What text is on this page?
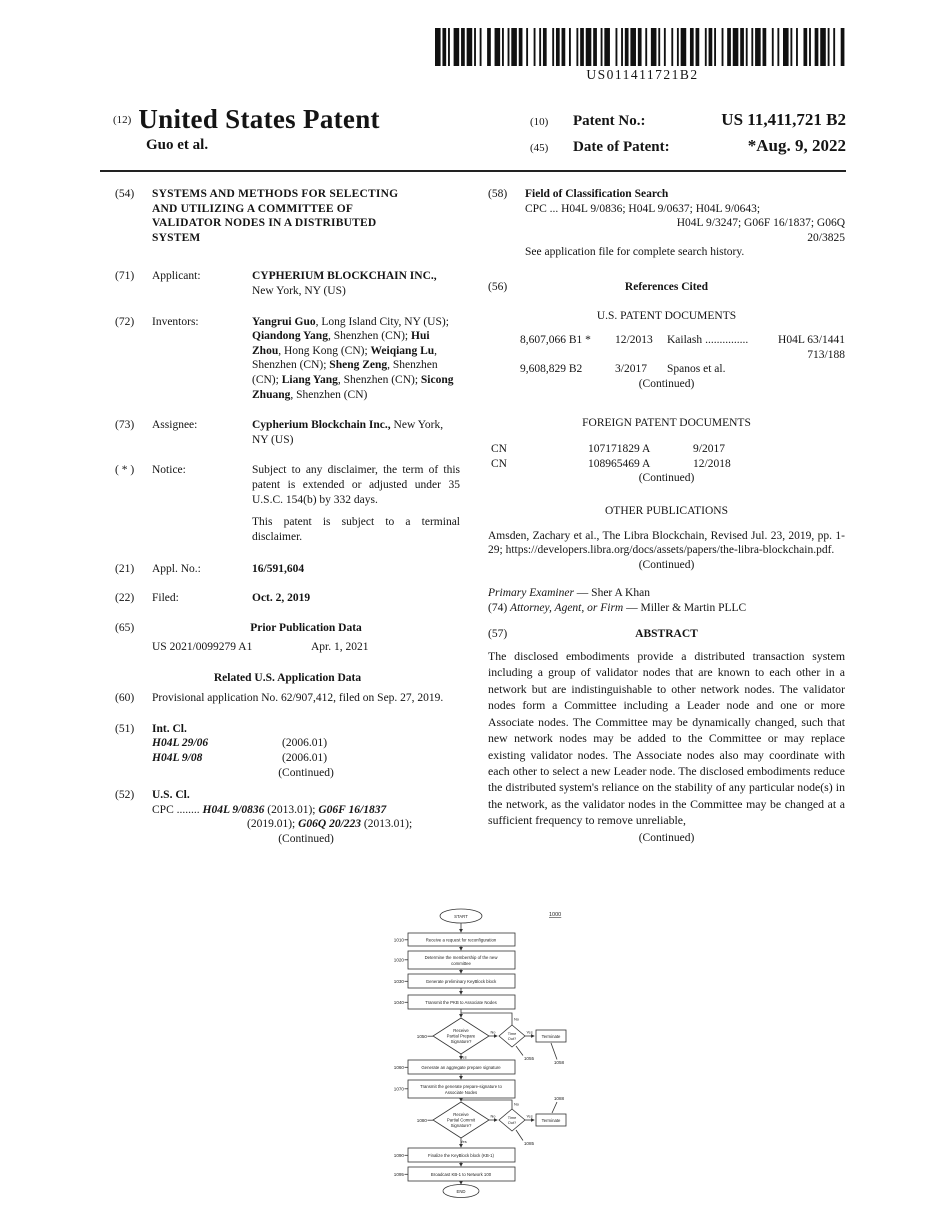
US011411721B2
(12) United States Patent
Guo et al.
(10)	Patent No.:	US 11,411,721 B2
(45)	Date of Patent:	*Aug. 9, 2022
(54)	SYSTEMS AND METHODS FOR SELECTING
AND UTILIZING A COMMITTEE OF
VALIDATOR NODES IN A DISTRIBUTED
SYSTEM
(71)	Applicant:	CYPHERIUM BLOCKCHAIN INC., New York, NY (US)
(72)	Inventors:	Yangrui Guo, Long Island City, NY (US); Qiandong Yang, Shenzhen (CN); Hui Zhou, Hong Kong (CN); Weiqiang Lu, Shenzhen (CN); Sheng Zeng, Shenzhen (CN); Liang Yang, Shenzhen (CN); Sicong Zhuang, Shenzhen (CN)
(73)	Assignee:	Cypherium Blockchain Inc., New York, NY (US)
( * )	Notice:	Subject to any disclaimer, the term of this patent is extended or adjusted under 35 U.S.C. 154(b) by 332 days.
This patent is subject to a terminal disclaimer.
(21)	Appl. No.:	16/591,604
(22)	Filed:	Oct. 2, 2019
(65)	Prior Publication Data
US 2021/0099279 A1	Apr. 1, 2021
Related U.S. Application Data
(60)	Provisional application No. 62/907,412, filed on Sep. 27, 2019.
(51)	Int. Cl.
H04L 29/06	(2006.01)
H04L 9/08	(2006.01)
(Continued)
(52)	U.S. Cl.
CPC ........ H04L 9/0836 (2013.01); G06F 16/1837
(2019.01); G06Q 20/223 (2013.01);
(Continued)
(58)	Field of Classification Search
CPC ... H04L 9/0836; H04L 9/0637; H04L 9/0643;
H04L 9/3247; G06F 16/1837; G06Q
20/3825
See application file for complete search history.
(56)	References Cited
U.S. PATENT DOCUMENTS
8,607,066 B1 *	12/2013	Kailash ...............	H04L 63/1441
713/188
9,608,829 B2	3/2017	Spanos et al.
(Continued)
FOREIGN PATENT DOCUMENTS
CN	107171829 A	9/2017
CN	108965469 A	12/2018
(Continued)
OTHER PUBLICATIONS
Amsden, Zachary et al., The Libra Blockchain, Revised Jul. 23, 2019, pp. 1-29; https://developers.libra.org/docs/assets/papers/the-libra-blockchain.pdf.
(Continued)
Primary Examiner — Sher A Khan
(74) Attorney, Agent, or Firm — Miller & Martin PLLC
(57)	ABSTRACT
The disclosed embodiments provide a distributed transaction system including a group of validator nodes that are known to each other in a network but are indistinguishable to other network nodes. The validator nodes form a Committee including a Leader node and one or more Associate nodes. The Committee may be dynamically changed, such that new network nodes may be added to the Committee or may replace existing validator nodes. The Associate nodes also may coordinate with each other to select a new Leader node. The disclosed embodiments reduce the distributed system's reliance on the stability of any particular node(s) in the network, as the validator nodes in the Committee may be changed at a sufficient frequency to remove unreliable,
(Continued)
1000
START
Receive a request for reconfiguration
1010
Determine the membership of the new
committee
1020
Generate preliminary KeyBlock block
1030
Transmit the PKB to Associate Nodes
1040
Receive
Partial Prepare
Signature?
1050
No	Time
Out?
No
Yes
Terminate
1055
1058
Yes
Generate an aggregate prepare signature
1060
Transmit the generate prepare-signature to
Associate Nodes
1070
Receive
Partial Commit
Signature?
1080
No	Time
Out?
No
Yes
Terminate
1088
1085
Yes
Finalize the KeyBlock block (KB-1)
1090
Broadcast KB-1 to Network 100
1095
END
